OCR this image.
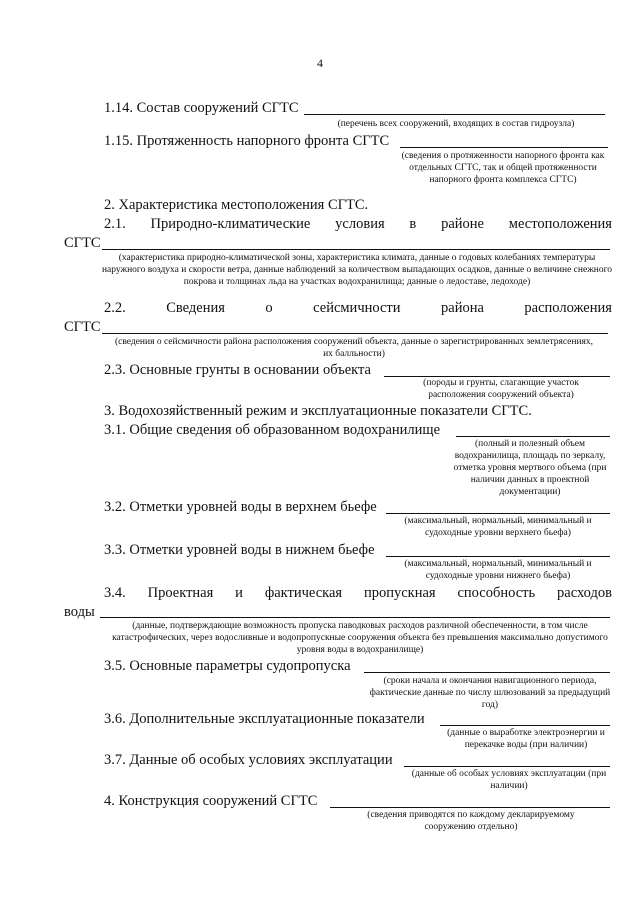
4
1.14. Состав сооружений СГТС
(перечень всех сооружений, входящих в состав гидроузла)
1.15. Протяженность напорного фронта СГТС
(сведения о протяженности напорного фронта как отдельных СГТС, так и общей протяженности напорного фронта комплекса СГТС)
2. Характеристика местоположения СГТС.
2.1. Природно-климатические условия в районе местоположения
СГТС
(характеристика природно-климатической зоны, характеристика климата, данные о годовых колебаниях температуры наружного воздуха и скорости ветра, данные наблюдений за количеством выпадающих осадков, данные о величине снежного покрова и толщинах льда на участках водохранилища; данные о ледоставе, ледоходе)
2.2.	Сведения	о	сейсмичности	района	расположения
СГТС
(сведения о сейсмичности района расположения сооружений объекта, данные о зарегистрированных землетрясениях, их балльности)
2.3. Основные грунты в основании объекта
(породы и грунты, слагающие участок расположения сооружений объекта)
3. Водохозяйственный режим и эксплуатационные показатели СГТС.
3.1. Общие сведения об образованном водохранилище
(полный и полезный объем водохранилища, площадь по зеркалу, отметка уровня мертвого объема (при наличии данных в проектной документации)
3.2. Отметки уровней воды в верхнем бьефе
(максимальный, нормальный, минимальный и судоходные уровни верхнего бьефа)
3.3. Отметки уровней воды в нижнем бьефе
(максимальный, нормальный, минимальный и судоходные уровни нижнего бьефа)
3.4. Проектная и фактическая пропускная способность расходов
воды
(данные, подтверждающие возможность пропуска паводковых расходов различной обеспеченности, в том числе катастрофических, через водосливные и водопропускные сооружения объекта без превышения максимально допустимого уровня воды в водохранилище)
3.5. Основные параметры судопропуска
(сроки начала и окончания навигационного периода, фактические данные по числу шлюзований за предыдущий год)
3.6. Дополнительные эксплуатационные показатели
(данные о выработке электроэнергии и перекачке воды (при наличии)
3.7. Данные об особых условиях эксплуатации
(данные об особых условиях эксплуатации (при наличии)
4. Конструкция сооружений СГТС
(сведения приводятся по каждому декларируемому сооружению отдельно)
